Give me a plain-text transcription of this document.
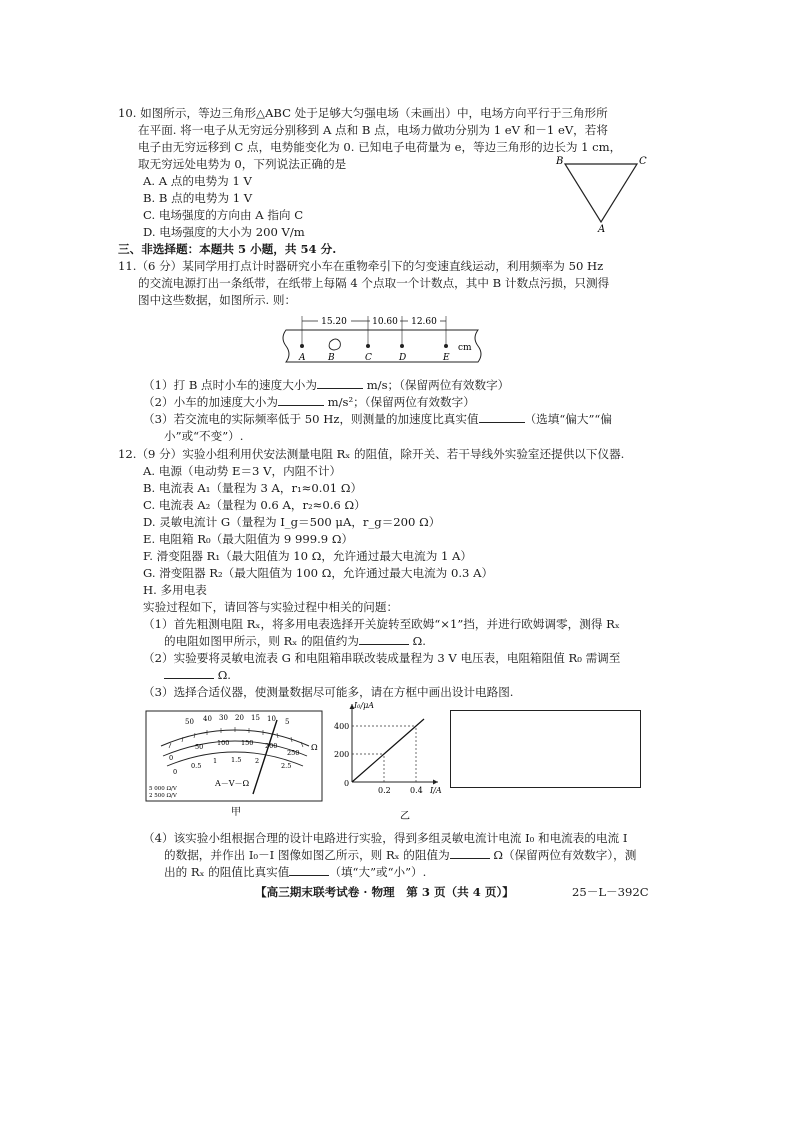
10. 如图所示，等边三角形△ABC 处于足够大匀强电场（未画出）中，电场方向平行于三角形所
在平面. 将一电子从无穷远分别移到 A 点和 B 点，电场力做功分别为 1 eV 和－1 eV，若将
电子由无穷远移到 C 点，电势能变化为 0. 已知电子电荷量为 e，等边三角形的边长为 1 cm，
取无穷远处电势为 0，下列说法正确的是
A. A 点的电势为 1 V
B. B 点的电势为 1 V
C. 电场强度的方向由 A 指向 C
D. 电场强度的大小为 200 V/m
B	C
A
三、非选择题：本题共 5 小题，共 54 分.
11.（6 分）某同学用打点计时器研究小车在重物牵引下的匀变速直线运动，利用频率为 50 Hz
的交流电源打出一条纸带，在纸带上每隔 4 个点取一个计数点，其中 B 计数点污损，只测得
图中这些数据，如图所示. 则：
15.20	10.60 12.60
cm
A	B	C	D	E
（1）打 B 点时小车的速度大小为	m/s；（保留两位有效数字）
（2）小车的加速度大小为	m/s²；（保留两位有效数字）
（3）若交流电的实际频率低于 50 Hz，则测量的加速度比真实值	（选填“偏大”“偏
小”或“不变”）.
12.（9 分）实验小组利用伏安法测量电阻 Rₓ 的阻值，除开关、若干导线外实验室还提供以下仪器.
A. 电源（电动势 E＝3 V，内阻不计）
B. 电流表 A₁（量程为 3 A，r₁≈0.01 Ω）
C. 电流表 A₂（量程为 0.6 A，r₂≈0.6 Ω）
D. 灵敏电流计 G（量程为 I_g＝500 μA，r_g＝200 Ω）
E. 电阻箱 R₀（最大阻值为 9 999.9 Ω）
F. 滑变阻器 R₁（最大阻值为 10 Ω，允许通过最大电流为 1 A）
G. 滑变阻器 R₂（最大阻值为 100 Ω，允许通过最大电流为 0.3 A）
H. 多用电表
实验过程如下，请回答与实验过程中相关的问题：
（1）首先粗测电阻 Rₓ，将多用电表选择开关旋转至欧姆“×1”挡，并进行欧姆调零，测得 Rₓ
的电阻如图甲所示，则 Rₓ 的阻值约为	Ω.
（2）实验要将灵敏电流表 G 和电阻箱串联改装成量程为 3 V 电压表，电阻箱阻值 R₀ 需调至
Ω.
（3）选择合适仪器，使测量数据尽可能多，请在方框中画出设计电路图.
50 40 30 20 15 10 5
0
50 100 150 200
250
0
0.5
1 1.5 2
2.5
Ω
A－V－Ω
5 000 Ω/V
2 500 Ω/V
甲
0.2 0.4
200
400
0
I/A
I₀/μA
乙
（4）该实验小组根据合理的设计电路进行实验，得到多组灵敏电流计电流 I₀ 和电流表的电流 I
的数据，并作出 I₀－I 图像如图乙所示，则 Rₓ 的阻值为	Ω（保留两位有效数字），测
出的 Rₓ 的阻值比真实值	（填“大”或“小”）.
【高三期末联考试卷 · 物理　第 3 页（共 4 页）】	25－L－392C
